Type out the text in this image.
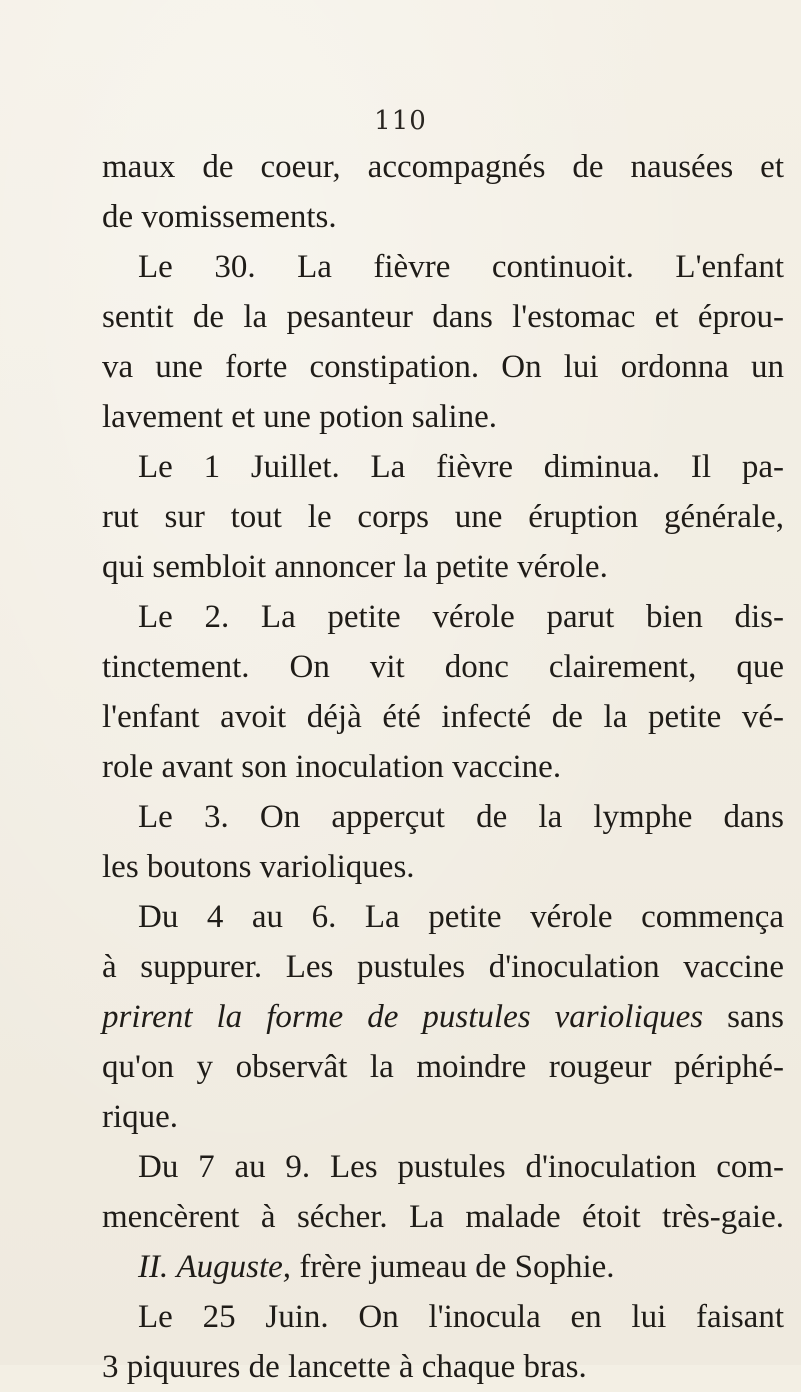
110
maux de coeur, accompagnés de nausées et
de vomissements.
Le 30. La fièvre continuoit. L'enfant
sentit de la pesanteur dans l'estomac et éprou-
va une forte constipation. On lui ordonna un
lavement et une potion saline.
Le 1 Juillet. La fièvre diminua. Il pa-
rut sur tout le corps une éruption générale,
qui sembloit annoncer la petite vérole.
Le 2. La petite vérole parut bien dis-
tinctement. On vit donc clairement, que
l'enfant avoit déjà été infecté de la petite vé-
role avant son inoculation vaccine.
Le 3. On apperçut de la lymphe dans
les boutons varioliques.
Du 4 au 6. La petite vérole commença
à suppurer. Les pustules d'inoculation vaccine
prirent la forme de pustules varioliques sans
qu'on y observât la moindre rougeur périphé-
rique.
Du 7 au 9. Les pustules d'inoculation com-
mencèrent à sécher. La malade étoit très-gaie.
II. Auguste, frère jumeau de Sophie.
Le 25 Juin. On l'inocula en lui faisant
3 piquures de lancette à chaque bras.
